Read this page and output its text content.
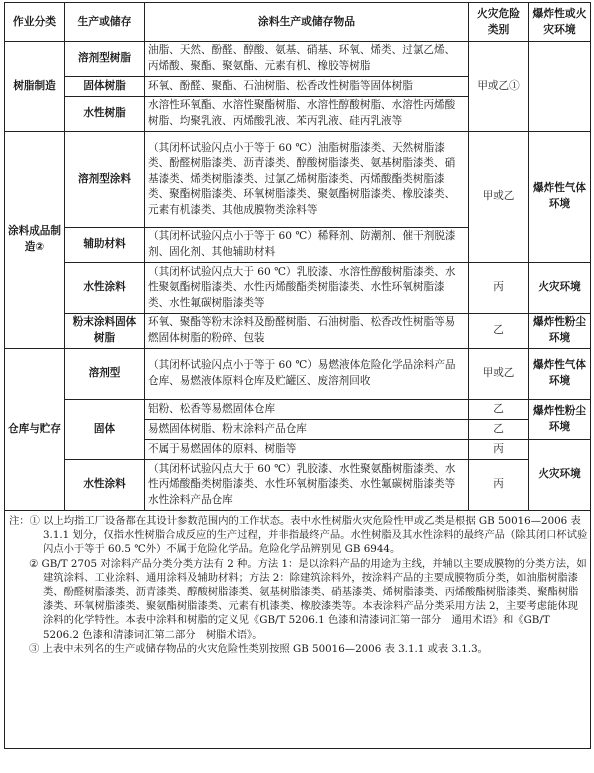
作业分类	生产或储存	涂料生产或储存物品	火灾危险类别	爆炸性或火灾环境
树脂制造	溶剂型树脂	油脂、天然、酚醛、醇酸、氨基、硝基、环氧、烯类、过氯乙烯、丙烯酸、聚酯、聚氨酯、元素有机、橡胶等树脂	甲或乙①	
	固体树脂	环氧、酚醛、聚酯、石油树脂、松香改性树脂等固体树脂		
	水性树脂	水溶性环氧酯、水溶性聚酯树脂、水溶性醇酸树脂、水溶性丙烯酸树脂、均聚乳液、丙烯酸乳液、苯丙乳液、硅丙乳液等		
涂料成品制造②	溶剂型涂料	（其闭杯试验闪点小于等于 60 ℃）油脂树脂漆类、天然树脂漆类、酚醛树脂漆类、沥青漆类、醇酸树脂漆类、氨基树脂漆类、硝基漆类、烯类树脂漆类、过氯乙烯树脂漆类、丙烯酸酯类树脂漆类、聚酯树脂漆类、环氧树脂漆类、聚氨酯树脂漆类、橡胶漆类、元素有机漆类、其他成膜物类涂料等	甲或乙	爆炸性气体环境
	辅助材料	（其闭杯试验闪点小于等于 60 ℃）稀释剂、防潮剂、催干剂脱漆剂、固化剂、其他辅助材料		
	水性涂料	（其闭杯试验闪点大于 60 ℃）乳胶漆、水溶性醇酸树脂漆类、水性聚氨酯树脂漆类、水性丙烯酸酯类树脂漆类、水性环氧树脂漆类、水性氟碳树脂漆类等	丙	火灾环境
	粉末涂料固体树脂	环氧、聚酯等粉末涂料及酚醛树脂、石油树脂、松香改性树脂等易燃固体树脂的粉碎、包装	乙	爆炸性粉尘环境
仓库与贮存	溶剂型	（其闭杯试验闪点小于等于 60 ℃）易燃液体危险化学品涂料产品仓库、易燃液体原料仓库及贮罐区、废溶剂回收	甲或乙	爆炸性气体环境
	固体	铝粉、松香等易燃固体仓库	乙	爆炸性粉尘环境
		易燃固体树脂、粉末涂料产品仓库	乙	
		不属于易燃固体的原料、树脂等	丙	火灾环境
	水性涂料	（其闭杯试验闪点大于 60 ℃）乳胶漆、水性聚氨酯树脂漆类、水性丙烯酸酯类树脂漆类、水性环氧树脂漆类、水性氟碳树脂漆类等水性涂料产品仓库	丙	

注：① 以上均指工厂设备都在其设计参数范围内的工作状态。表中水性树脂火灾危险性甲或乙类是根据 GB 50016—2006 表 3.1.1 划分，仅指水性树脂合成反应的生产过程，并非指最终产品。水性树脂及其水性涂料的最终产品（除其闭口杯试验闪点小于等于 60.5 ℃外）不属于危险化学品。危险化学品辨别见 GB 6944。

② GB/T 2705 对涂料产品分类分类方法有 2 种。方法 1：是以涂料产品的用途为主线，并辅以主要成膜物的分类方法，如建筑涂料、工业涂料、通用涂料及辅助材料；方法 2：除建筑涂料外，按涂料产品的主要成膜物质分类，如油脂树脂漆类、酚醛树脂漆类、沥青漆类、醇酸树脂漆类、氨基树脂漆类、硝基漆类、烯树脂漆类、丙烯酸酯树脂漆类、聚酯树脂漆类、环氧树脂漆类、聚氨酯树脂漆类、元素有机漆类、橡胶漆类等。本表涂料产品分类采用方法 2，主要考虑能体现涂料的化学特性。本表中涂料和树脂的定义见《GB/T 5206.1 色漆和清漆词汇第一部分　通用术语》和《GB/T 5206.2 色漆和清漆词汇第二部分　树脂术语》。

③ 上表中未列名的生产或储存物品的火灾危险性类别按照 GB 50016—2006 表 3.1.1 或表 3.1.3。				
